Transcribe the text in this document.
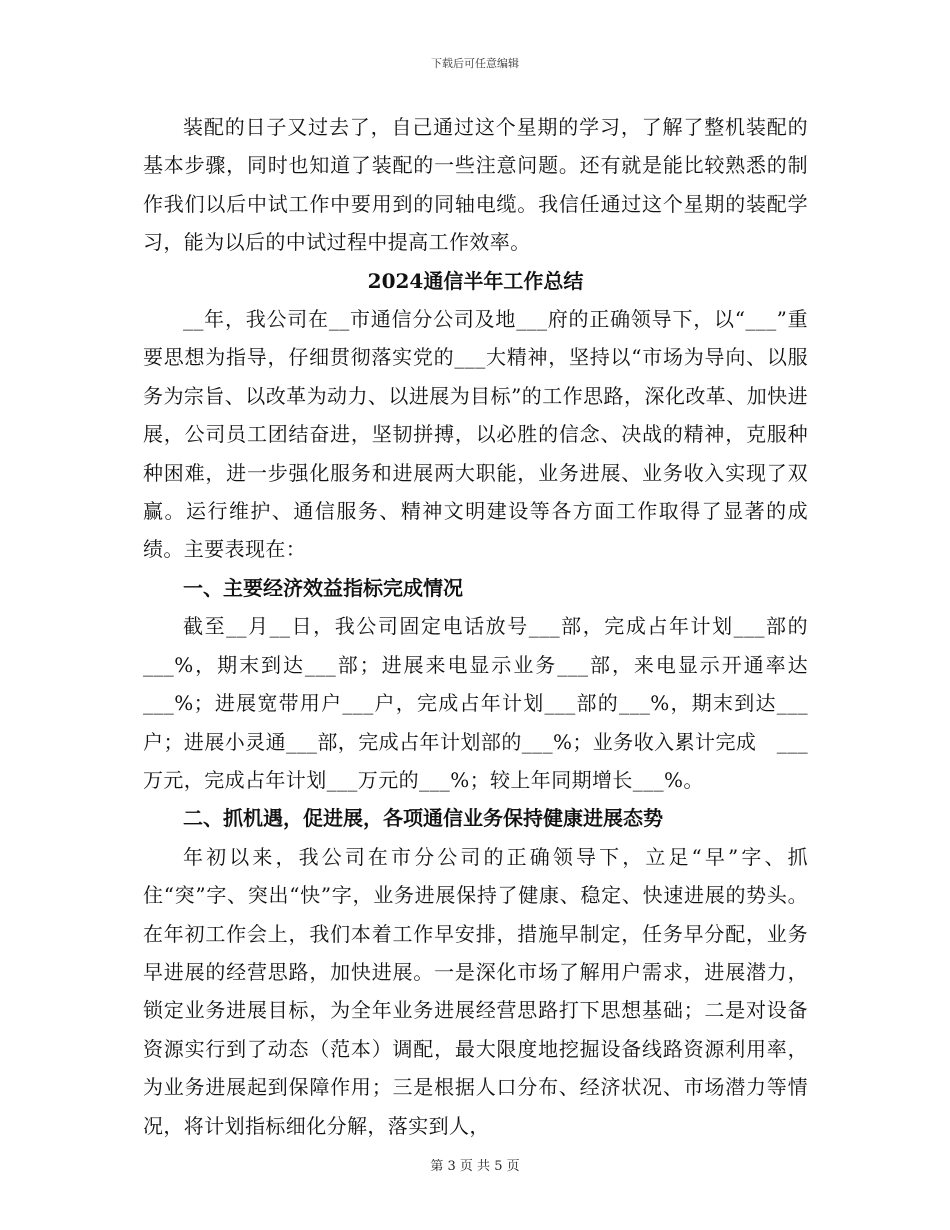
下载后可任意编辑

装配的日子又过去了，自己通过这个星期的学习，了解了整机装配的基本步骤，同时也知道了装配的一些注意问题。还有就是能比较熟悉的制作我们以后中试工作中要用到的同轴电缆。我信任通过这个星期的装配学习，能为以后的中试过程中提高工作效率。

2024通信半年工作总结

__年，我公司在__市通信分公司及地___府的正确领导下，以“___”重要思想为指导，仔细贯彻落实党的___大精神，坚持以“市场为导向、以服务为宗旨、以改革为动力、以进展为目标”的工作思路，深化改革、加快进展，公司员工团结奋进，坚韧拼搏，以必胜的信念、决战的精神，克服种种困难，进一步强化服务和进展两大职能，业务进展、业务收入实现了双赢。运行维护、通信服务、精神文明建设等各方面工作取得了显著的成绩。主要表现在：

一、主要经济效益指标完成情况

截至__月__日，我公司固定电话放号___部，完成占年计划___部的___%，期末到达___部；进展来电显示业务___部，来电显示开通率达___%；进展宽带用户___户，完成占年计划___部的___%，期末到达___户；进展小灵通___部，完成占年计划部的___%；业务收入累计完成　___万元，完成占年计划___万元的___%；较上年同期增长___%。

二、抓机遇，促进展，各项通信业务保持健康进展态势

年初以来，我公司在市分公司的正确领导下，立足“早”字、抓住“突”字、突出“快”字，业务进展保持了健康、稳定、快速进展的势头。在年初工作会上，我们本着工作早安排，措施早制定，任务早分配，业务早进展的经营思路，加快进展。一是深化市场了解用户需求，进展潜力，锁定业务进展目标，为全年业务进展经营思路打下思想基础；二是对设备资源实行到了动态（范本）调配，最大限度地挖掘设备线路资源利用率，为业务进展起到保障作用；三是根据人口分布、经济状况、市场潜力等情况，将计划指标细化分解，落实到人，

第 3 页 共 5 页
